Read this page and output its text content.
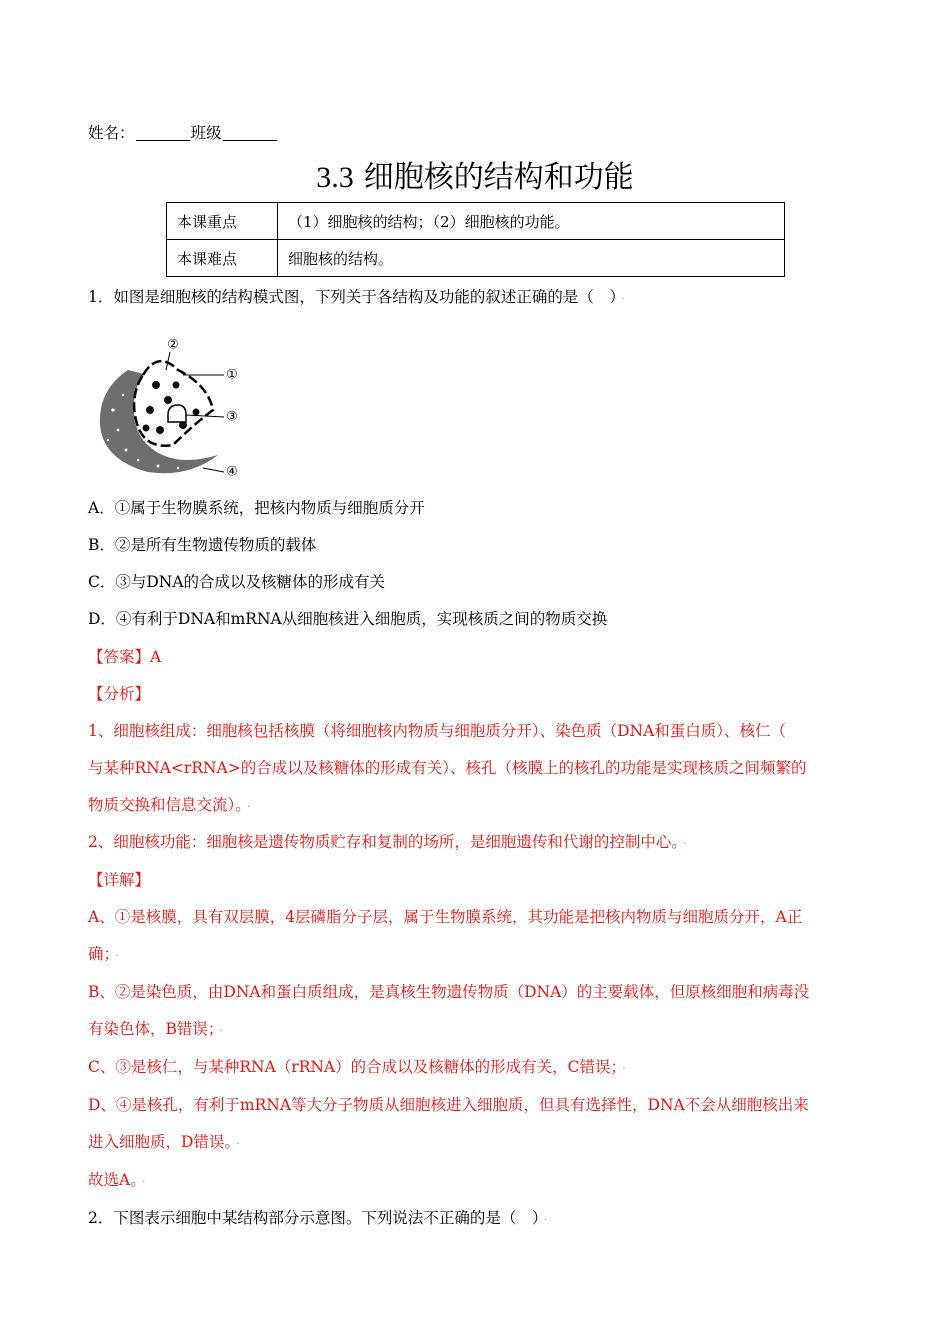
姓名：	班级
3.3 细胞核的结构和功能
本课重点	（1）细胞核的结构；（2）细胞核的功能。
本课难点	细胞核的结构。
1．如图是细胞核的结构模式图，下列关于各结构及功能的叙述正确的是（　） ·
②
①
③
④
A．①属于生物膜系统，把核内物质与细胞质分开
B．②是所有生物遗传物质的载体
C．③与DNA的合成以及核糖体的形成有关
D．④有利于DNA和mRNA从细胞核进入细胞质，实现核质之间的物质交换
【答案】A
【分析】
1、细胞核组成：细胞核包括核膜（将细胞核内物质与细胞质分开）、染色质（DNA和蛋白质）、核仁（
与某种RNA<rRNA>的合成以及核糖体的形成有关）、核孔（核膜上的核孔的功能是实现核质之间频繁的
物质交换和信息交流）。 ·
2、细胞核功能：细胞核是遗传物质贮存和复制的场所，是细胞遗传和代谢的控制中心。 ·
【详解】
A、①是核膜，具有双层膜，4层磷脂分子层，属于生物膜系统，其功能是把核内物质与细胞质分开，A正
确； ·
B、②是染色质，由DNA和蛋白质组成，是真核生物遗传物质（DNA）的主要载体，但原核细胞和病毒没
有染色体，B错误； ·
C、③是核仁，与某种RNA（rRNA）的合成以及核糖体的形成有关，C错误； ·
D、④是核孔，有利于mRNA等大分子物质从细胞核进入细胞质，但具有选择性，DNA不会从细胞核出来
进入细胞质，D错误。 ·
故选A。 ·
2．下图表示细胞中某结构部分示意图。下列说法不正确的是（　） ·
